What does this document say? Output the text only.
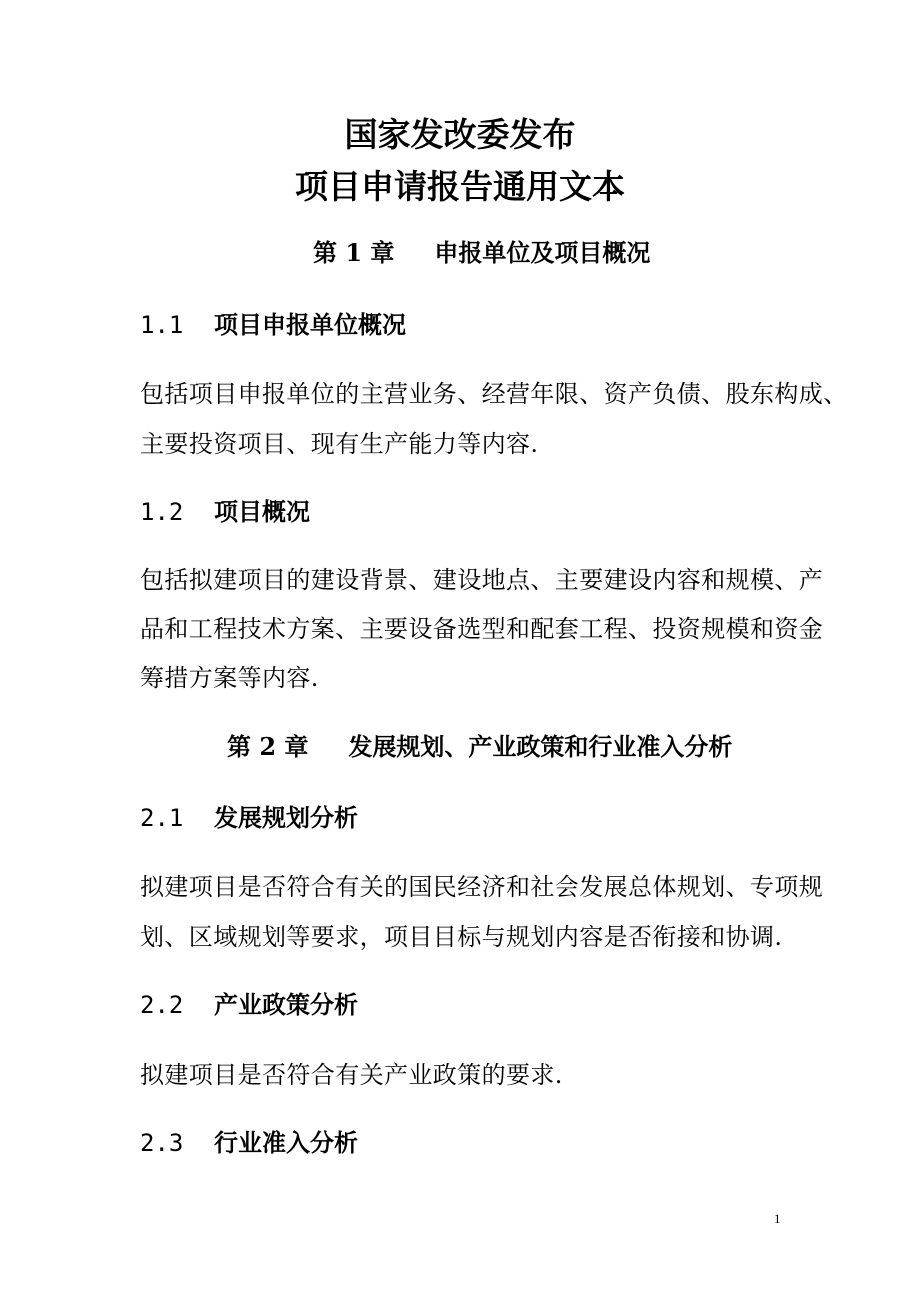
国家发改委发布
项目申请报告通用文本
第 1 章 申报单位及项目概况
1.1 项目申报单位概况
包括项目申报单位的主营业务、经营年限、资产负债、股东构成、
主要投资项目、现有生产能力等内容.
1.2 项目概况
包括拟建项目的建设背景、建设地点、主要建设内容和规模、产
品和工程技术方案、主要设备选型和配套工程、投资规模和资金
筹措方案等内容.
第 2 章 发展规划、产业政策和行业准入分析
2.1 发展规划分析
拟建项目是否符合有关的国民经济和社会发展总体规划、专项规
划、区域规划等要求，项目目标与规划内容是否衔接和协调.
2.2 产业政策分析
拟建项目是否符合有关产业政策的要求.
2.3 行业准入分析
1
